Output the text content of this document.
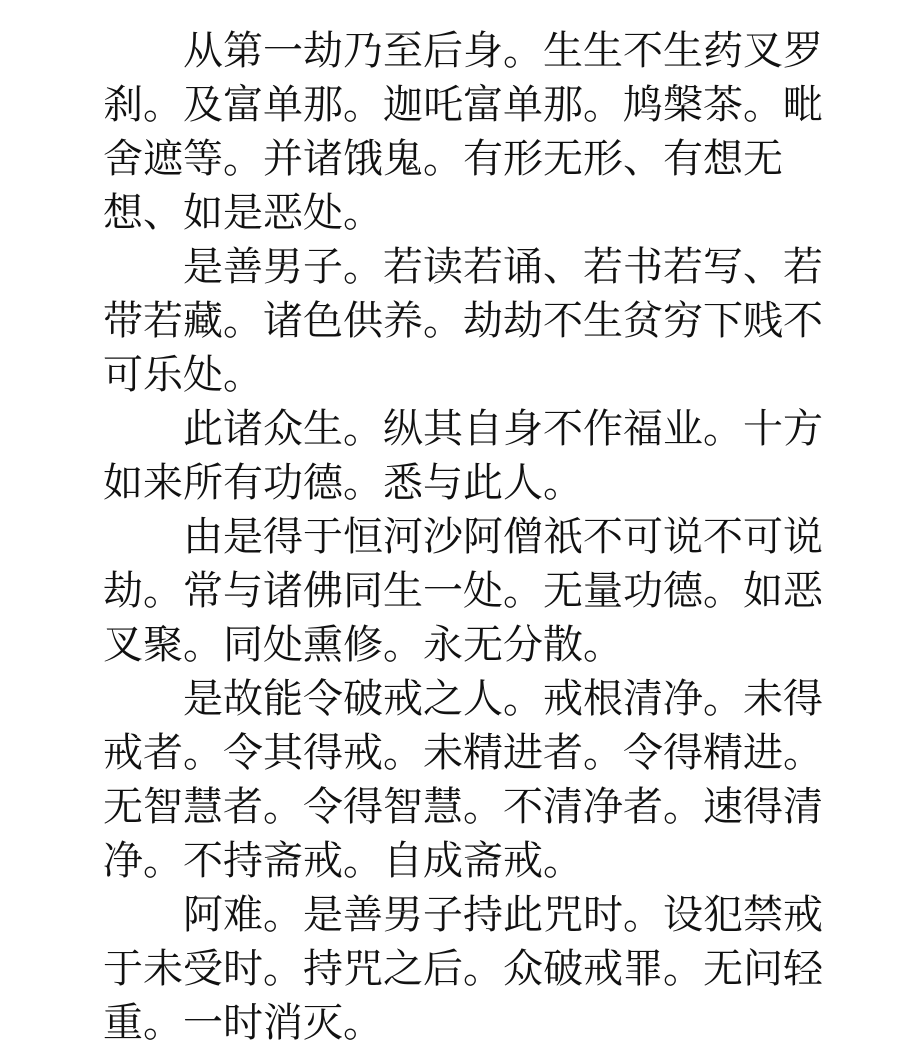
从第一劫乃至后身。生生不生药叉罗
刹。及富单那。迦吒富单那。鸠槃茶。毗
舍遮等。并诸饿鬼。有形无形、有想无
想、如是恶处。
是善男子。若读若诵、若书若写、若
带若藏。诸色供养。劫劫不生贫穷下贱不
可乐处。
此诸众生。纵其自身不作福业。十方
如来所有功德。悉与此人。
由是得于恒河沙阿僧祇不可说不可说
劫。常与诸佛同生一处。无量功德。如恶
叉聚。同处熏修。永无分散。
是故能令破戒之人。戒根清净。未得
戒者。令其得戒。未精进者。令得精进。
无智慧者。令得智慧。不清净者。速得清
净。不持斋戒。自成斋戒。
阿难。是善男子持此咒时。设犯禁戒
于未受时。持咒之后。众破戒罪。无问轻
重。一时消灭。
